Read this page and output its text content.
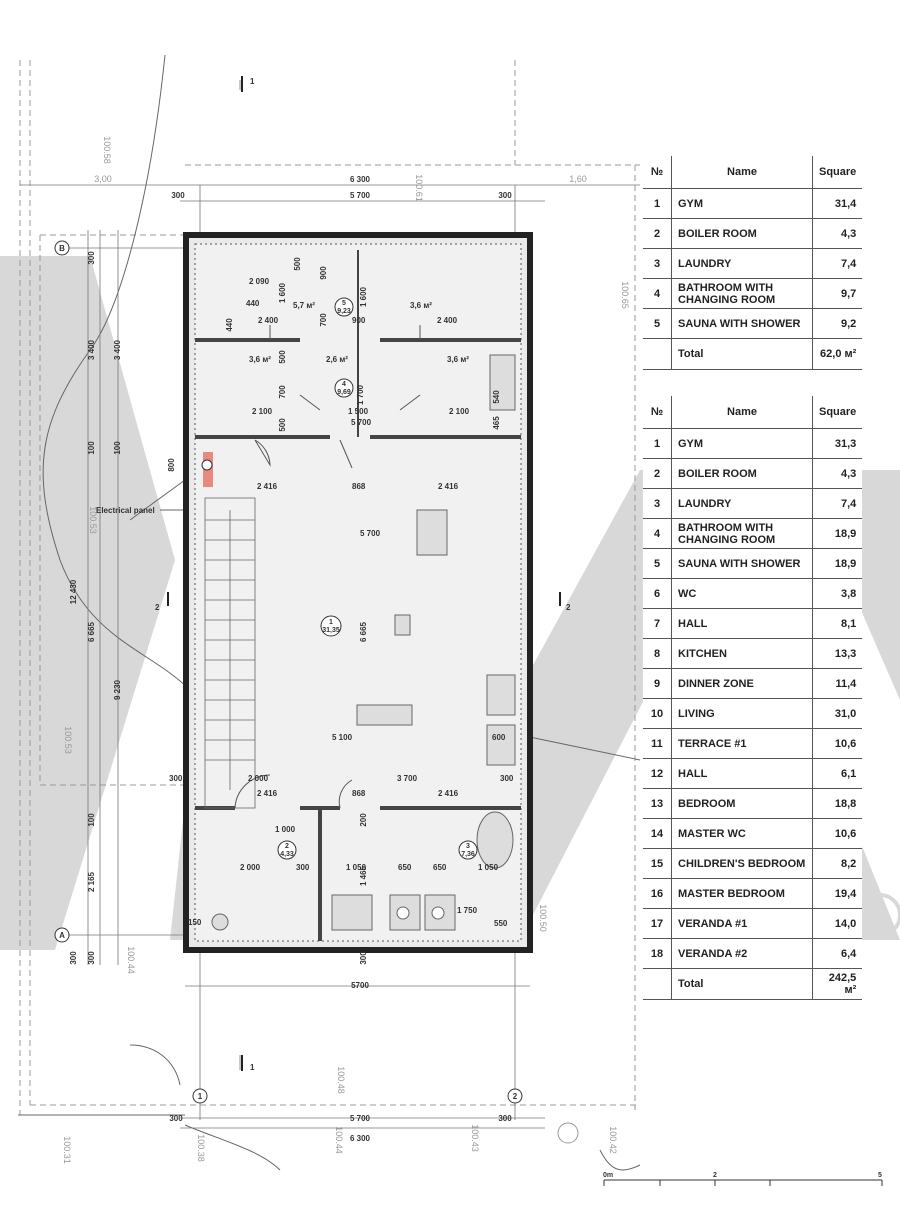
5
9,23
4
9,69
1
31,35
2
4,33
3
7,36
B
A
1	2
1
1
2	2
6 300
5 700
300	300
3,00	1,60
5700
5 700
6 300
300	300
300
3 400 3 400
100 100
800
12 430
6 665
9 230
100
2 165
300 300
100.58
100.61
100.65
100.53
100.53
100.44
100.48
100.38	100.44	100.43
100.31
100.50
100.42
Electrical panel
5,7 м²	3,6 м²
3,6 м²	2,6 м²	3,6 м²
2 090
440
440	2 400	900	2 400
1 600	1 600
500
700
900
500
700	1 700
2 100	1 500	2 100
5 700
500
540
465
2 416	868	2 416
5 700
6 665
5 100	600
2 000	3 700	300
300
2 416	868	2 416
1 000
2 000	300	1 050
1 465	650	650	1 050
150
1 750
550
300
200
0m	2	5
№	Name	Square
1	GYM	31,4
2	BOILER ROOM	4,3
3	LAUNDRY	7,4
4	BATHROOM WITH CHANGING ROOM	9,7
5	SAUNA WITH SHOWER	9,2
	Total	62,0 м²
№	Name	Square
1	GYM	31,3
2	BOILER ROOM	4,3
3	LAUNDRY	7,4
4	BATHROOM WITH CHANGING ROOM	18,9
5	SAUNA WITH SHOWER	18,9
6	WC	3,8
7	HALL	8,1
8	KITCHEN	13,3
9	DINNER ZONE	11,4
10	LIVING	31,0
11	TERRACE #1	10,6
12	HALL	6,1
13	BEDROOM	18,8
14	MASTER WC	10,6
15	CHILDREN'S BEDROOM	8,2
16	MASTER BEDROOM	19,4
17	VERANDA #1	14,0
18	VERANDA #2	6,4
	Total	242,5 м²
